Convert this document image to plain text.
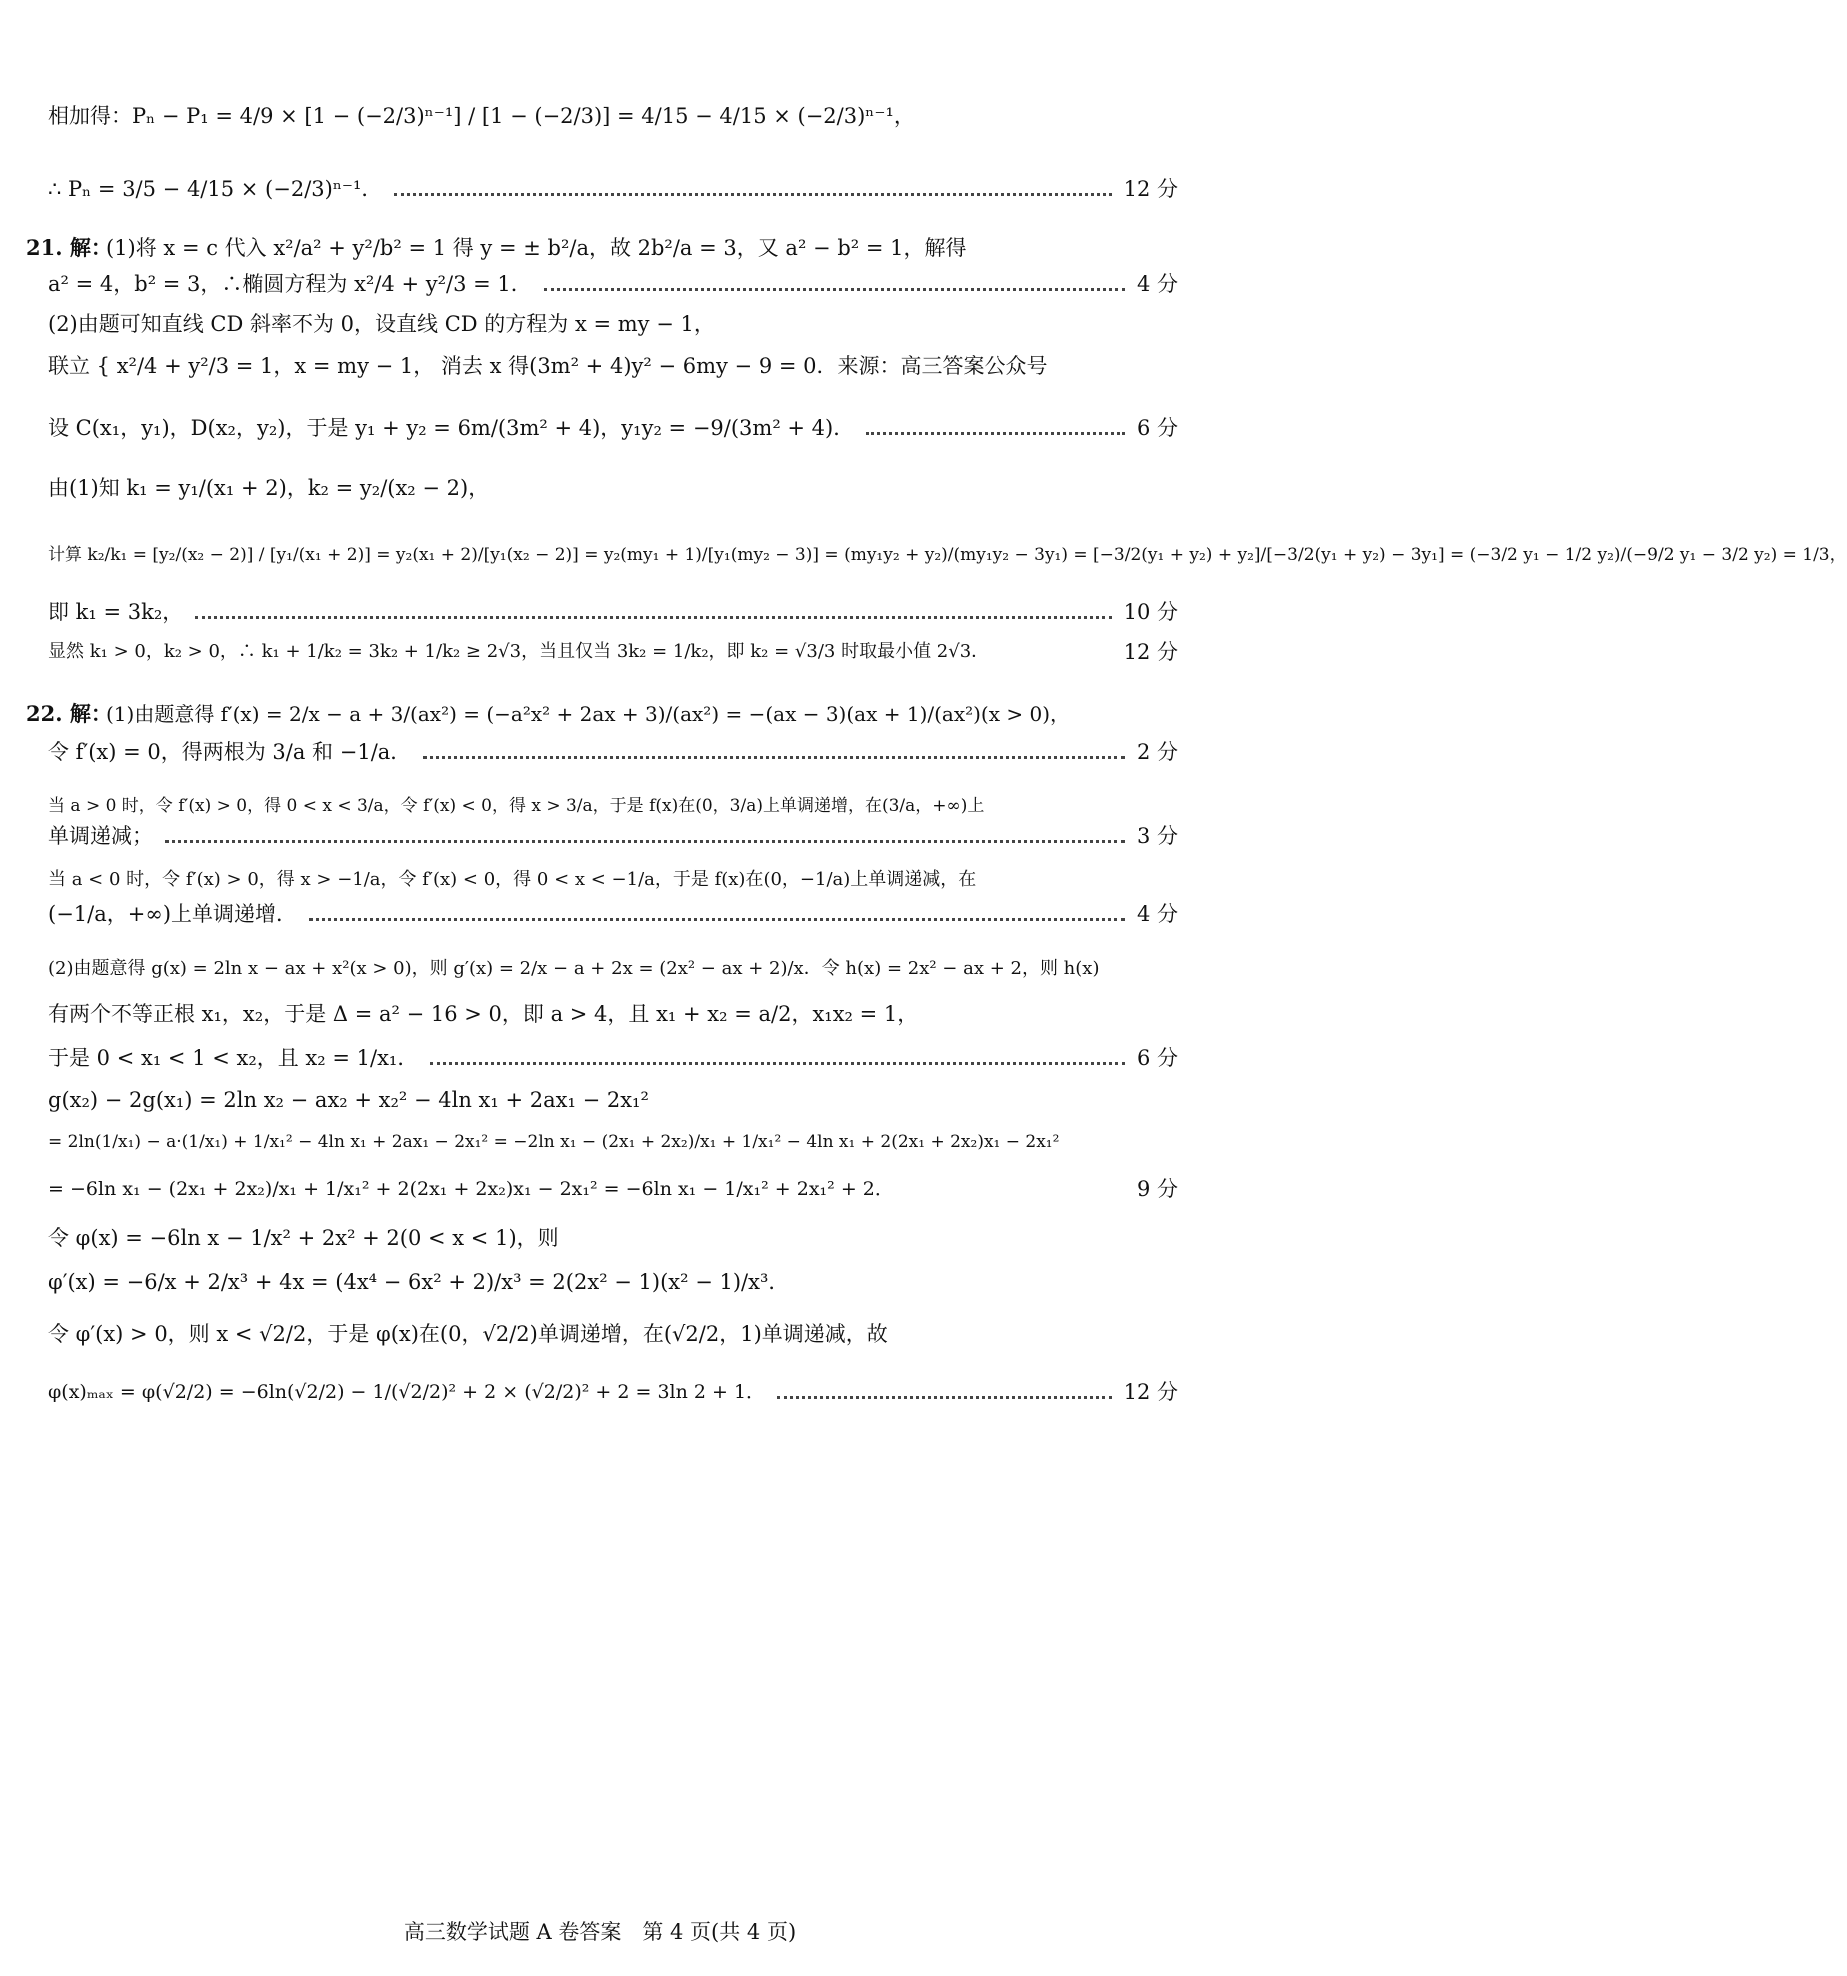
相加得：Pₙ − P₁ = 4/9 × [1 − (−2/3)ⁿ⁻¹] / [1 − (−2/3)] = 4/15 − 4/15 × (−2/3)ⁿ⁻¹，
∴ Pₙ = 3/5 − 4/15 × (−2/3)ⁿ⁻¹．	12 分
21. 解：
(1)将 x = c 代入 x²/a² + y²/b² = 1 得 y = ± b²/a，故 2b²/a = 3，又 a² − b² = 1，解得
a² = 4，b² = 3，∴椭圆方程为 x²/4 + y²/3 = 1．	4 分
(2)由题可知直线 CD 斜率不为 0，设直线 CD 的方程为 x = my − 1，
联立 { x²/4 + y²/3 = 1，x = my − 1， 消去 x 得(3m² + 4)y² − 6my − 9 = 0．来源：高三答案公众号
设 C(x₁，y₁)，D(x₂，y₂)，于是 y₁ + y₂ = 6m/(3m² + 4)，y₁y₂ = −9/(3m² + 4)．	6 分
由(1)知 k₁ = y₁/(x₁ + 2)，k₂ = y₂/(x₂ − 2)，
计算 k₂/k₁ = [y₂/(x₂ − 2)] / [y₁/(x₁ + 2)] = y₂(x₁ + 2)/[y₁(x₂ − 2)] = y₂(my₁ + 1)/[y₁(my₂ − 3)] = (my₁y₂ + y₂)/(my₁y₂ − 3y₁) = [−3/2(y₁ + y₂) + y₂]/[−3/2(y₁ + y₂) − 3y₁] = (−3/2 y₁ − 1/2 y₂)/(−9/2 y₁ − 3/2 y₂) = 1/3，
即 k₁ = 3k₂，	10 分
显然 k₁ > 0，k₂ > 0，∴ k₁ + 1/k₂ = 3k₂ + 1/k₂ ≥ 2√3，当且仅当 3k₂ = 1/k₂，即 k₂ = √3/3 时取最小值 2√3．	12 分
22. 解：
(1)由题意得 f′(x) = 2/x − a + 3/(ax²) = (−a²x² + 2ax + 3)/(ax²) = −(ax − 3)(ax + 1)/(ax²)(x > 0)，
令 f′(x) = 0，得两根为 3/a 和 −1/a．	2 分
当 a > 0 时，令 f′(x) > 0，得 0 < x < 3/a，令 f′(x) < 0，得 x > 3/a，于是 f(x)在(0，3/a)上单调递增，在(3/a，+∞)上
单调递减；	3 分
当 a < 0 时，令 f′(x) > 0，得 x > −1/a，令 f′(x) < 0，得 0 < x < −1/a，于是 f(x)在(0，−1/a)上单调递减，在
(−1/a，+∞)上单调递增．	4 分
(2)由题意得 g(x) = 2ln x − ax + x²(x > 0)，则 g′(x) = 2/x − a + 2x = (2x² − ax + 2)/x．令 h(x) = 2x² − ax + 2，则 h(x)
有两个不等正根 x₁，x₂，于是 Δ = a² − 16 > 0，即 a > 4，且 x₁ + x₂ = a/2，x₁x₂ = 1，
于是 0 < x₁ < 1 < x₂，且 x₂ = 1/x₁．	6 分
g(x₂) − 2g(x₁) = 2ln x₂ − ax₂ + x₂² − 4ln x₁ + 2ax₁ − 2x₁²
= 2ln(1/x₁) − a·(1/x₁) + 1/x₁² − 4ln x₁ + 2ax₁ − 2x₁² = −2ln x₁ − (2x₁ + 2x₂)/x₁ + 1/x₁² − 4ln x₁ + 2(2x₁ + 2x₂)x₁ − 2x₁²
= −6ln x₁ − (2x₁ + 2x₂)/x₁ + 1/x₁² + 2(2x₁ + 2x₂)x₁ − 2x₁² = −6ln x₁ − 1/x₁² + 2x₁² + 2．	9 分
令 φ(x) = −6ln x − 1/x² + 2x² + 2(0 < x < 1)，则
φ′(x) = −6/x + 2/x³ + 4x = (4x⁴ − 6x² + 2)/x³ = 2(2x² − 1)(x² − 1)/x³．
令 φ′(x) > 0，则 x < √2/2，于是 φ(x)在(0，√2/2)单调递增，在(√2/2，1)单调递减，故
φ(x)ₘₐₓ = φ(√2/2) = −6ln(√2/2) − 1/(√2/2)² + 2 × (√2/2)² + 2 = 3ln 2 + 1．	12 分
高三数学试题 A 卷答案　第 4 页(共 4 页)
